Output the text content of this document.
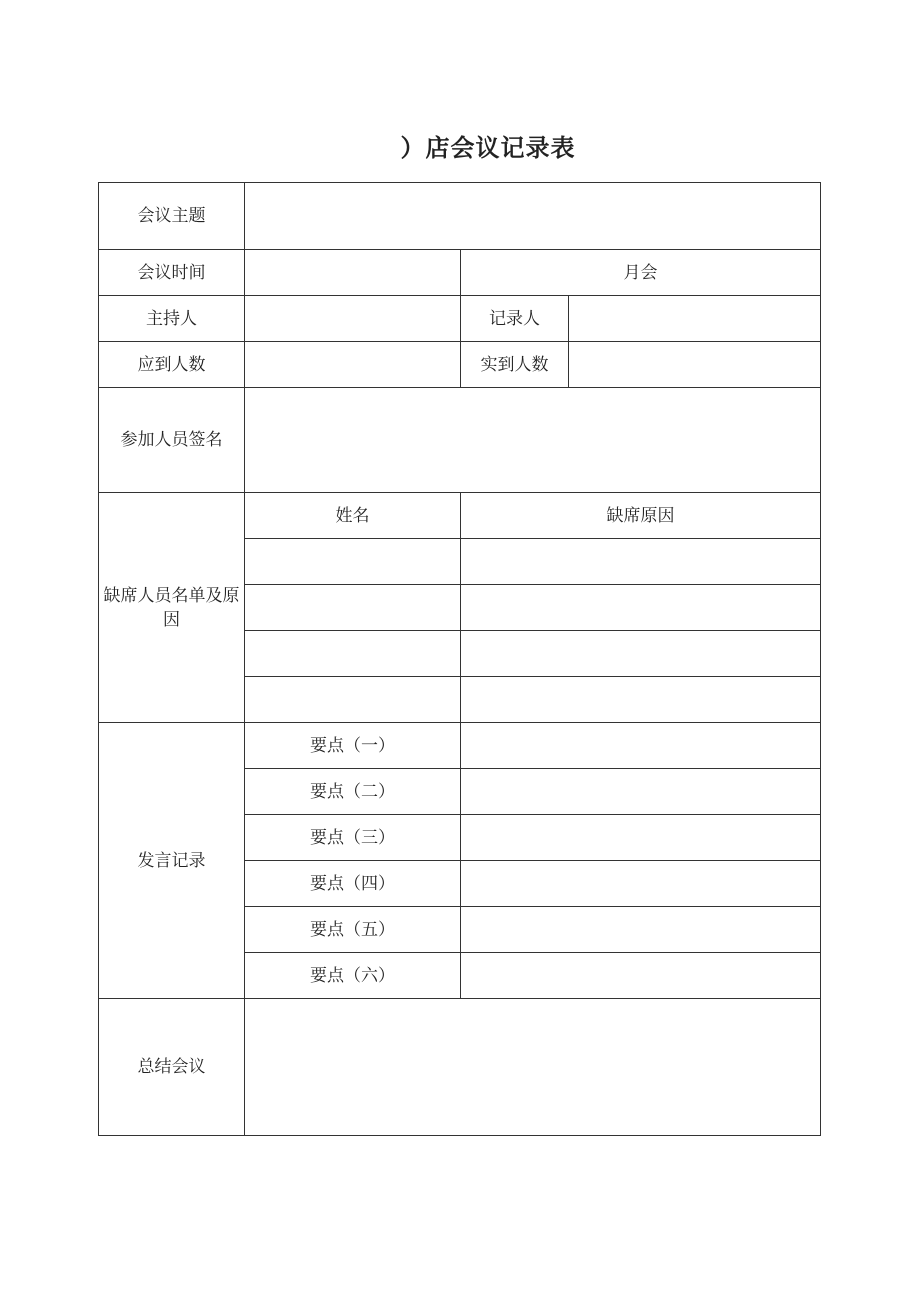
）店会议记录表
会议主题			
会议时间		月会	
主持人		记录人	
应到人数		实到人数	
参加人员签名			
缺席人员名单及原因	姓名	缺席原因	

发言记录	要点（一）		
	要点（二）		
	要点（三）		
	要点（四）		
	要点（五）		
	要点（六）		
总结会议			
